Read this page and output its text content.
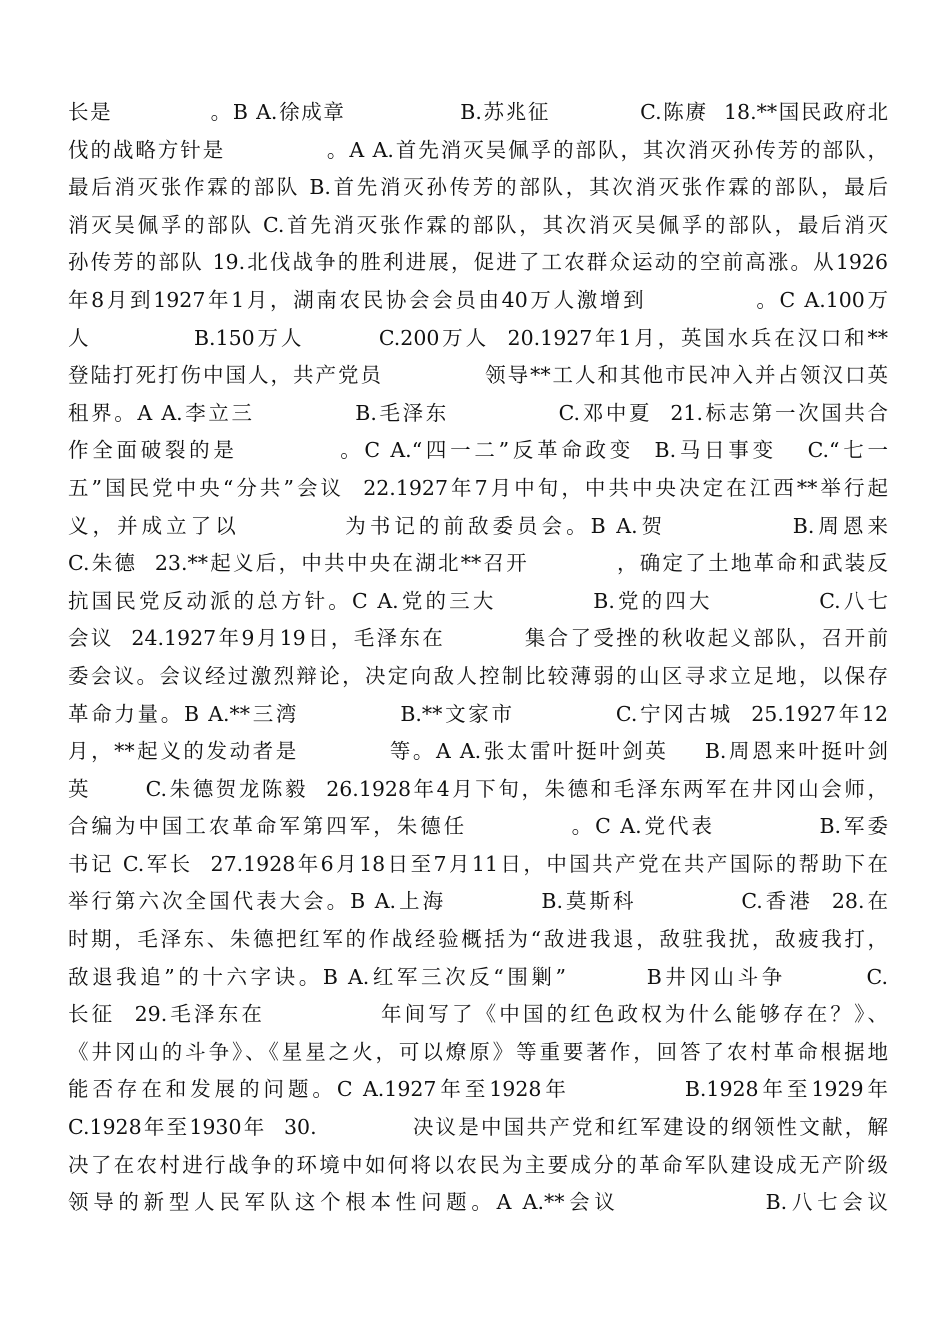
长是            。B A.徐成章              B.苏兆征           C.陈赓  18.**国民政府北
伐的战略方针是            。A A.首先消灭吴佩孚的部队，其次消灭孙传芳的部队，
最后消灭张作霖的部队 B.首先消灭孙传芳的部队，其次消灭张作霖的部队，最后
消灭吴佩孚的部队 C.首先消灭张作霖的部队，其次消灭吴佩孚的部队，最后消灭
孙传芳的部队 19.北伐战争的胜利进展，促进了工农群众运动的空前高涨。从1926
年8月到1927年1月，湖南农民协会会员由40万人激增到            。C A.100万
人           B.150万人        C.200万人  20.1927年1月，英国水兵在汉口和**
登陆打死打伤中国人，共产党员            领导**工人和其他市民冲入并占领汉口英
租界。A A.李立三           B.毛泽东            C.邓中夏  21.标志第一次国共合
作全面破裂的是          。C A.“四一二”反革命政变  B.马日事变   C.“七一
五”国民党中央“分共”会议  22.1927年7月中旬，中共中央决定在江西**举行起
义，并成立了以          为书记的前敌委员会。B A.贺            B.周恩来
C.朱德  23.**起义后，中共中央在湖北**召开          ，确定了土地革命和武装反
抗国民党反动派的总方针。C A.党的三大          B.党的四大           C.八七
会议  24.1927年9月19日，毛泽东在         集合了受挫的秋收起义部队，召开前
委会议。会议经过激烈辩论，决定向敌人控制比较薄弱的山区寻求立足地，以保存
革命力量。B A.**三湾           B.**文家市           C.宁冈古城  25.1927年12
月，**起义的发动者是          等。A A.张太雷叶挺叶剑英    B.周恩来叶挺叶剑
英      C.朱德贺龙陈毅  26.1928年4月下旬，朱德和毛泽东两军在井冈山会师，
合编为中国工农革命军第四军，朱德任           。C A.党代表           B.军委
书记 C.军长  27.1928年6月18日至7月11日，中国共产党在共产国际的帮助下在
举行第六次全国代表大会。B A.上海          B.莫斯科           C.香港  28.在
时期，毛泽东、朱德把红军的作战经验概括为“敌进我退，敌驻我扰，敌疲我打，
敌退我追”的十六字诀。B A.红军三次反“围剿”        B井冈山斗争        C.
长征  29.毛泽东在            年间写了《中国的红色政权为什么能够存在？》、
《井冈山的斗争》、《星星之火，可以燎原》等重要著作，回答了农村革命根据地
能否存在和发展的问题。C A.1927年至1928年           B.1928年至1929年
C.1928年至1930年  30.           决议是中国共产党和红军建设的纲领性文献，解
决了在农村进行战争的环境中如何将以农民为主要成分的革命军队建设成无产阶级
领导的新型人民军队这个根本性问题。A A.**会议             B.八七会议
